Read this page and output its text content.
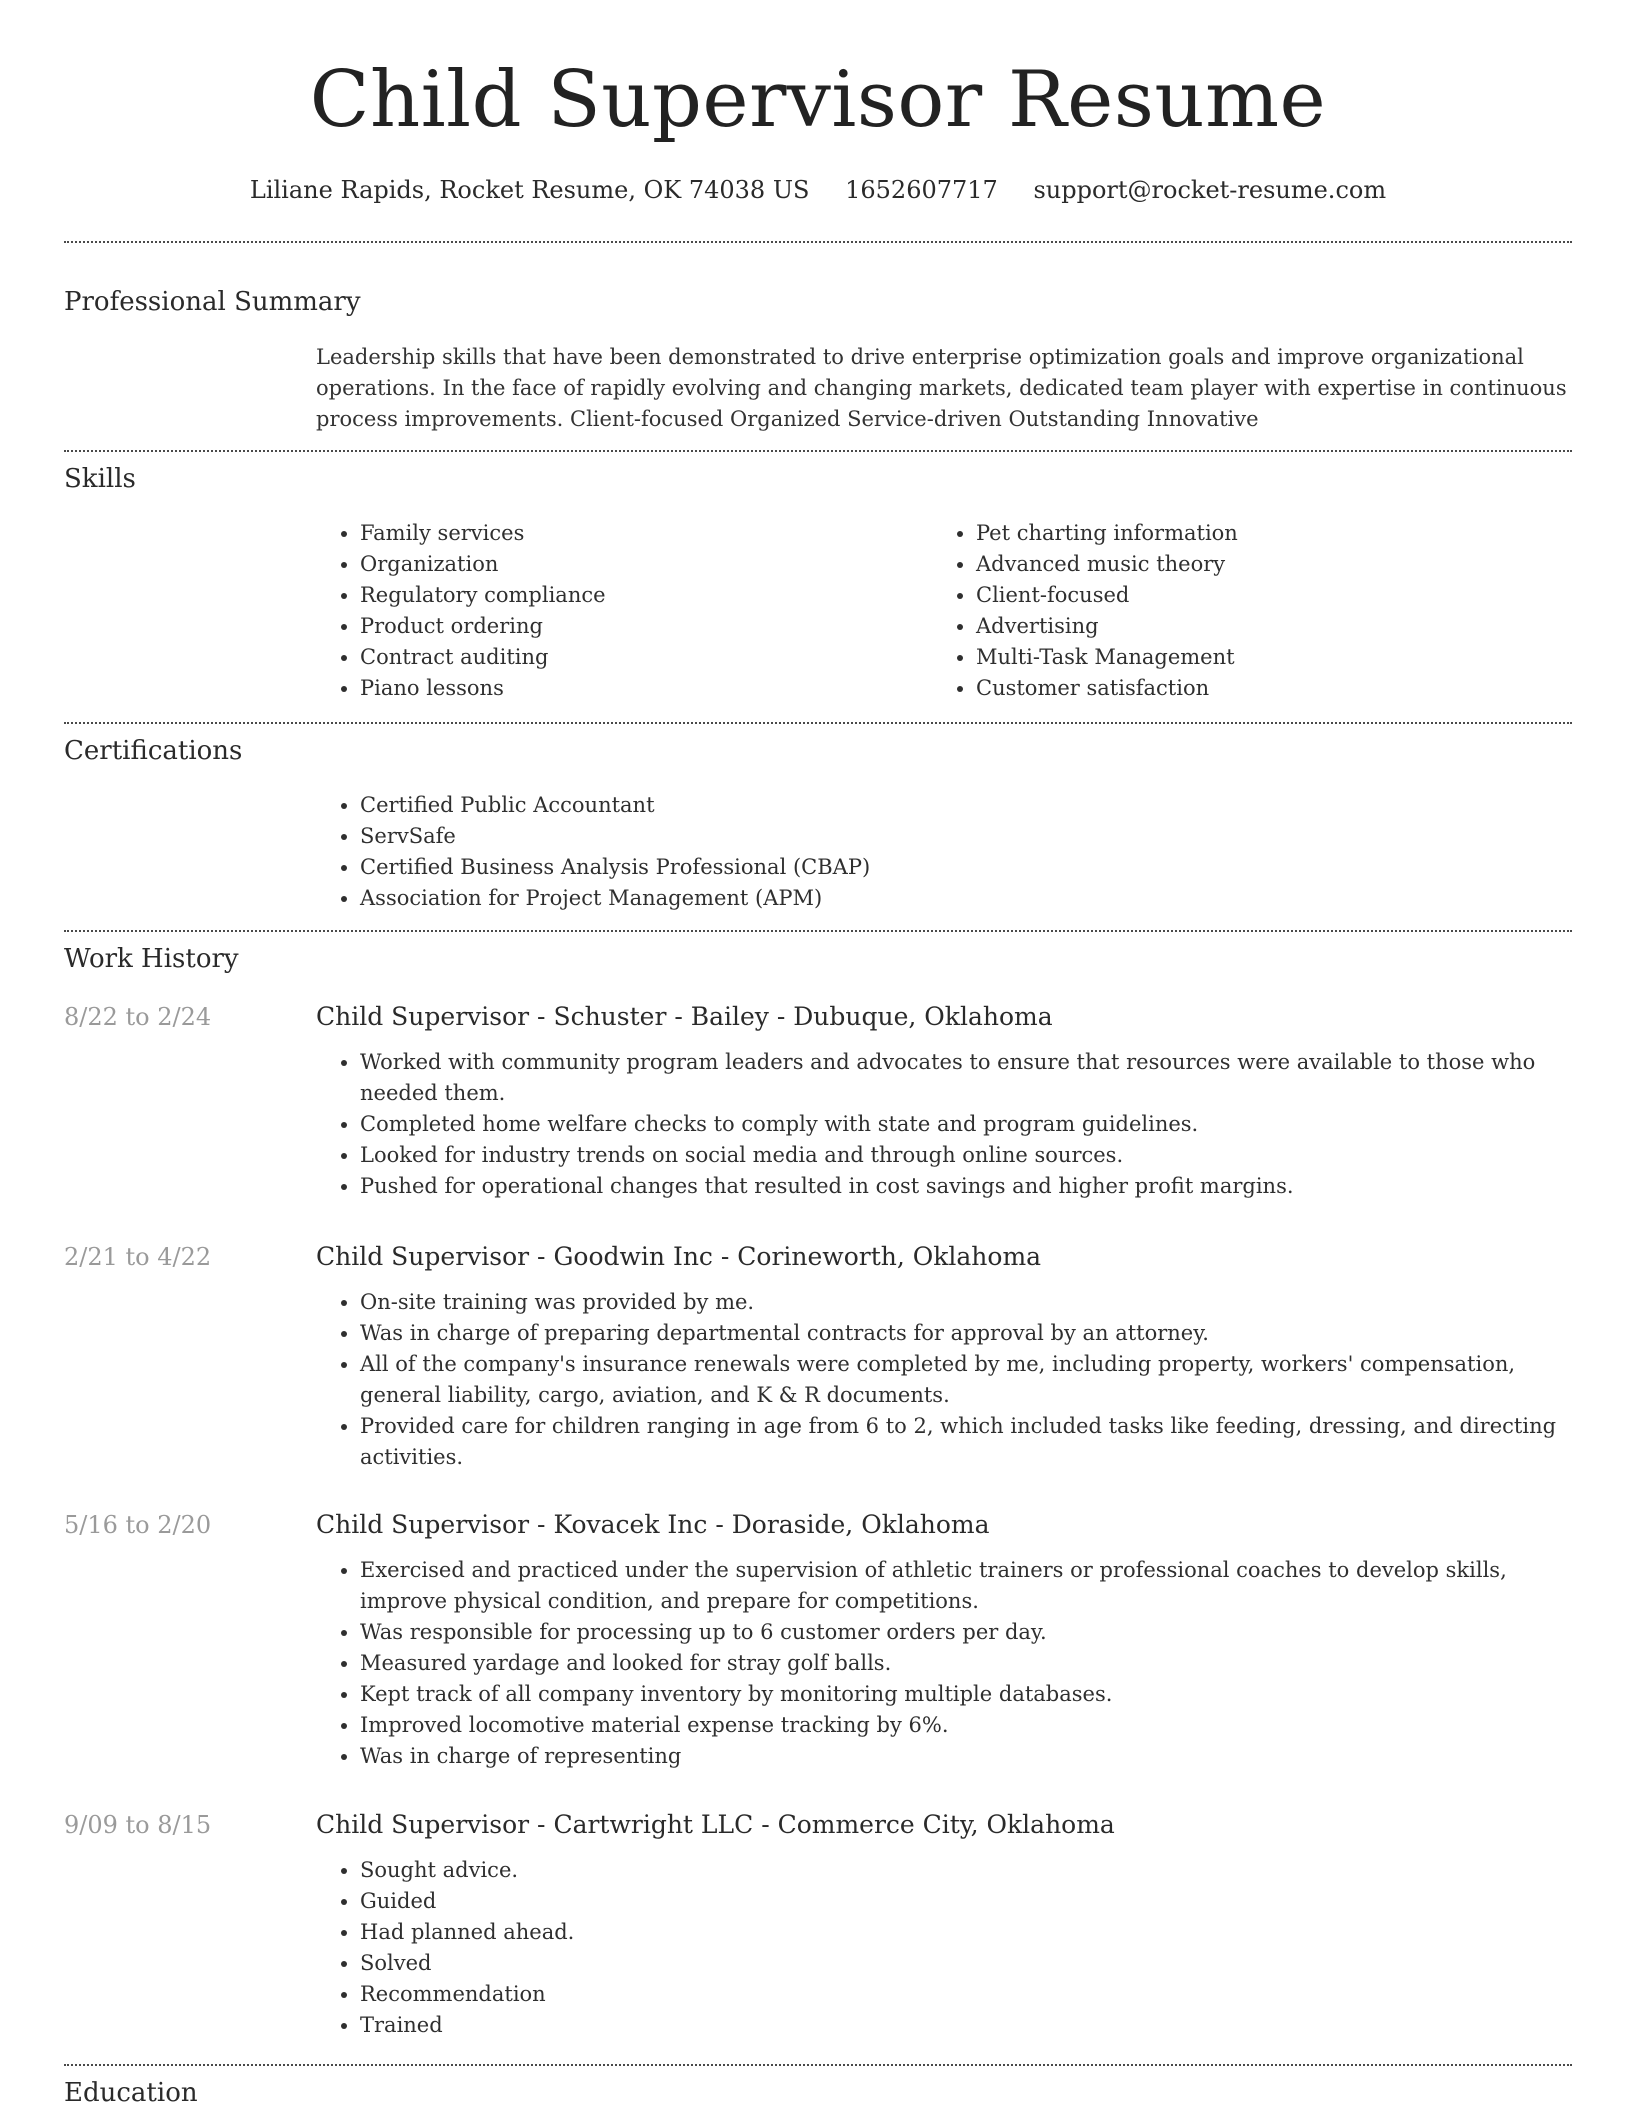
Child Supervisor Resume
Liliane Rapids, Rocket Resume, OK 74038 US 1652607717 support@rocket-resume.com
Professional Summary

Leadership skills that have been demonstrated to drive enterprise optimization goals and improve organizational operations. In the face of rapidly evolving and changing markets, dedicated team player with expertise in continuous process improvements. Client-focused Organized Service-driven Outstanding Innovative

Skills
• Family services
• Organization
• Regulatory compliance
• Product ordering
• Contract auditing
• Piano lessons
• Pet charting information
• Advanced music theory
• Client-focused
• Advertising
• Multi-Task Management
• Customer satisfaction
Certifications
• Certified Public Accountant
• ServSafe
• Certified Business Analysis Professional (CBAP)
• Association for Project Management (APM)
Work History
8/22 to 2/24	Child Supervisor - Schuster - Bailey - Dubuque, Oklahoma
• Worked with community program leaders and advocates to ensure that resources were available to those who needed them.
• Completed home welfare checks to comply with state and program guidelines.
• Looked for industry trends on social media and through online sources.
• Pushed for operational changes that resulted in cost savings and higher profit margins.
2/21 to 4/22	Child Supervisor - Goodwin Inc - Corineworth, Oklahoma
• On-site training was provided by me.
• Was in charge of preparing departmental contracts for approval by an attorney.
• All of the company's insurance renewals were completed by me, including property, workers' compensation, general liability, cargo, aviation, and K & R documents.
• Provided care for children ranging in age from 6 to 2, which included tasks like feeding, dressing, and directing activities.
5/16 to 2/20	Child Supervisor - Kovacek Inc - Doraside, Oklahoma
• Exercised and practiced under the supervision of athletic trainers or professional coaches to develop skills, improve physical condition, and prepare for competitions.
• Was responsible for processing up to 6 customer orders per day.
• Measured yardage and looked for stray golf balls.
• Kept track of all company inventory by monitoring multiple databases.
• Improved locomotive material expense tracking by 6%.
• Was in charge of representing
9/09 to 8/15	Child Supervisor - Cartwright LLC - Commerce City, Oklahoma
• Sought advice.
• Guided
• Had planned ahead.
• Solved
• Recommendation
• Trained
Education
